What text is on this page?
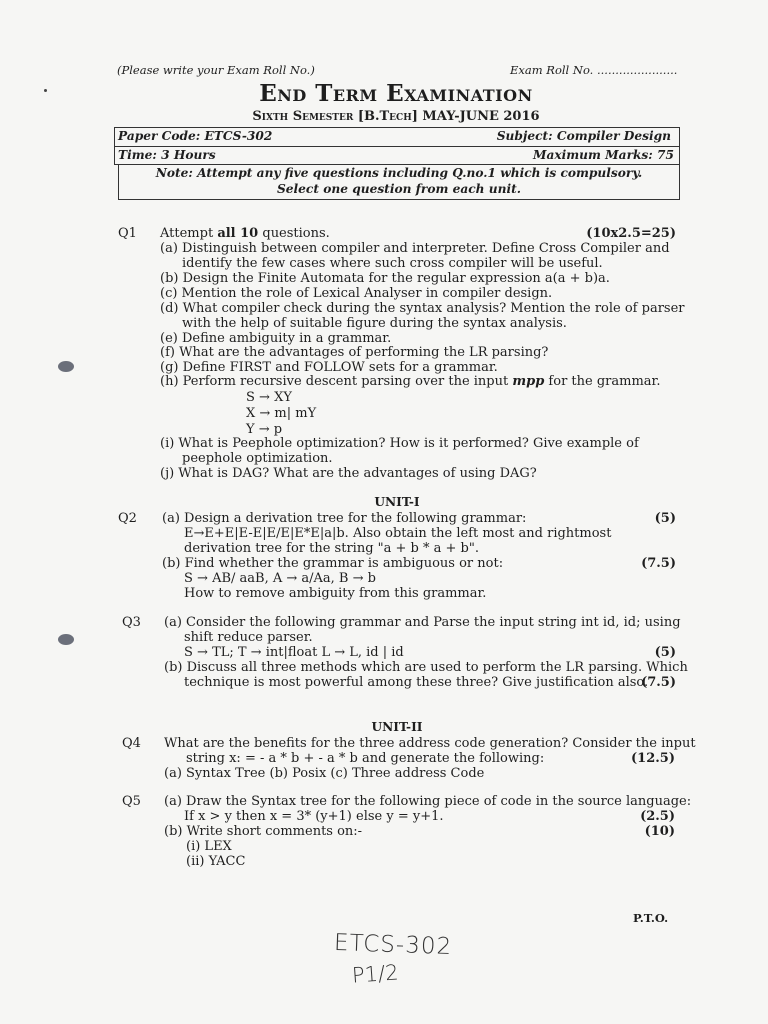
(Please write your Exam Roll No.)	Exam Roll No. ......................
End Term Examination
Sixth Semester [B.Tech] MAY-JUNE 2016
Paper Code: ETCS-302	Subject: Compiler Design
Time: 3 Hours	Maximum Marks: 75
Note: Attempt any five questions including Q.no.1 which is compulsory.
Select one question from each unit.
Q1 Attempt all 10 questions.	(10x2.5=25)
(a) Distinguish between compiler and interpreter. Define Cross Compiler and
identify the few cases where such cross compiler will be useful.
(b) Design the Finite Automata for the regular expression a(a + b)a.
(c) Mention the role of Lexical Analyser in compiler design.
(d) What compiler check during the syntax analysis? Mention the role of parser
with the help of suitable figure during the syntax analysis.
(e) Define ambiguity in a grammar.
(f) What are the advantages of performing the LR parsing?
(g) Define FIRST and FOLLOW sets for a grammar.
(h) Perform recursive descent parsing over the input mpp for the grammar.
S → XY
X → m| mY
Y → p
(i) What is Peephole optimization? How is it performed? Give example of
peephole optimization.
(j) What is DAG? What are the advantages of using DAG?
UNIT-I
Q2 (a) Design a derivation tree for the following grammar:	(5)
E→E+E|E-E|E/E|E*E|a|b. Also obtain the left most and rightmost
derivation tree for the string "a + b * a + b".
(b) Find whether the grammar is ambiguous or not:	(7.5)
S → AB/ aaB, A → a/Aa, B → b
How to remove ambiguity from this grammar.
Q3 (a) Consider the following grammar and Parse the input string int id, id; using
shift reduce parser.
S → TL; T → int|float L → L, id | id	(5)
(b) Discuss all three methods which are used to perform the LR parsing. Which
technique is most powerful among these three? Give justification also.
(7.5)
UNIT-II
Q4 What are the benefits for the three address code generation? Consider the input
string x: = - a * b + - a * b and generate the following:	(12.5)
(a) Syntax Tree (b) Posix (c) Three address Code
Q5 (a) Draw the Syntax tree for the following piece of code in the source language:
If x > y then x = 3* (y+1) else y = y+1.	(2.5)
(b) Write short comments on:-	(10)
(i) LEX
(ii) YACC
P.T.O.
ETCS-302
P1/2
